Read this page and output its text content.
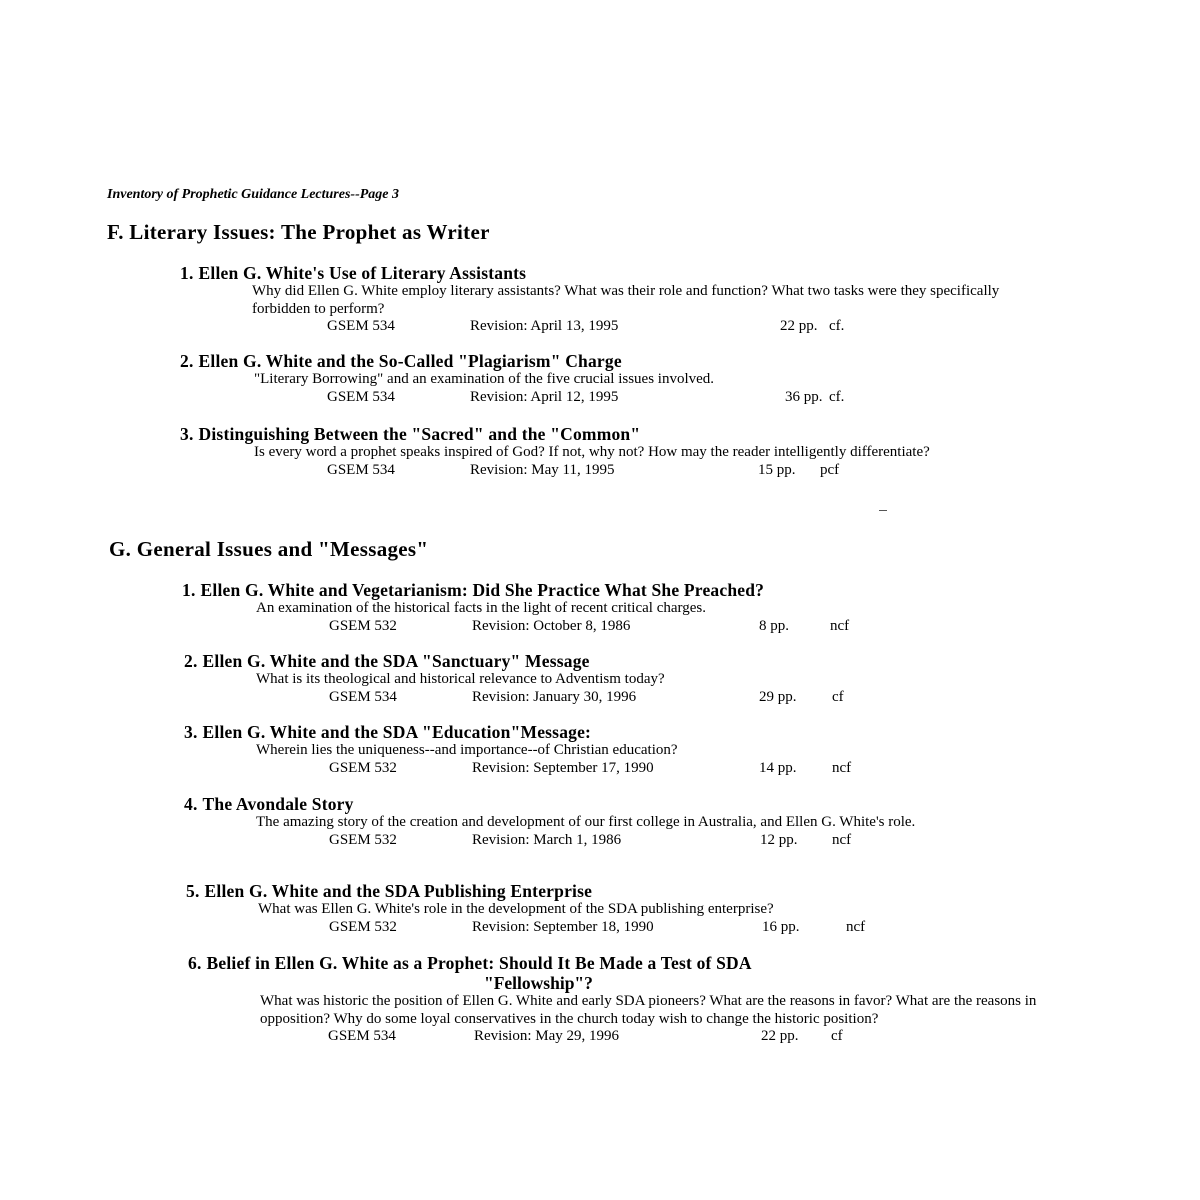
Inventory of Prophetic Guidance Lectures--Page 3
F. Literary Issues: The Prophet as Writer
1. Ellen G. White's Use of Literary Assistants
Why did Ellen G. White employ literary assistants? What was their role and function? What two tasks were they specifically forbidden to perform?
GSEM 534	Revision: April 13, 1995	22 pp. cf.
2. Ellen G. White and the So-Called "Plagiarism" Charge
"Literary Borrowing" and an examination of the five crucial issues involved.
GSEM 534	Revision: April 12, 1995	36 pp. cf.
3. Distinguishing Between the "Sacred" and the "Common"
Is every word a prophet speaks inspired of God? If not, why not? How may the reader intelligently differentiate?
GSEM 534	Revision: May 11, 1995	15 pp. pcf
G. General Issues and "Messages"
1. Ellen G. White and Vegetarianism: Did She Practice What She Preached?
An examination of the historical facts in the light of recent critical charges.
GSEM 532	Revision: October 8, 1986	8 pp.	ncf
2. Ellen G. White and the SDA "Sanctuary" Message
What is its theological and historical relevance to Adventism today?
GSEM 534	Revision: January 30, 1996	29 pp. cf
3. Ellen G. White and the SDA "Education"Message:
Wherein lies the uniqueness--and importance--of Christian education?
GSEM 532	Revision: September 17, 1990	14 pp. ncf
4. The Avondale Story
The amazing story of the creation and development of our first college in Australia, and Ellen G. White's role.
GSEM 532	Revision: March 1, 1986	12 pp. ncf
5. Ellen G. White and the SDA Publishing Enterprise
What was Ellen G. White's role in the development of the SDA publishing enterprise?
GSEM 532	Revision: September 18, 1990	16 pp.	ncf
6. Belief in Ellen G. White as a Prophet: Should It Be Made a Test of SDA
"Fellowship"?
What was historic the position of Ellen G. White and early SDA pioneers? What are the reasons in favor? What are the reasons in opposition? Why do some loyal conservatives in the church today wish to change the historic position?
GSEM 534	Revision: May 29, 1996	22 pp. cf
